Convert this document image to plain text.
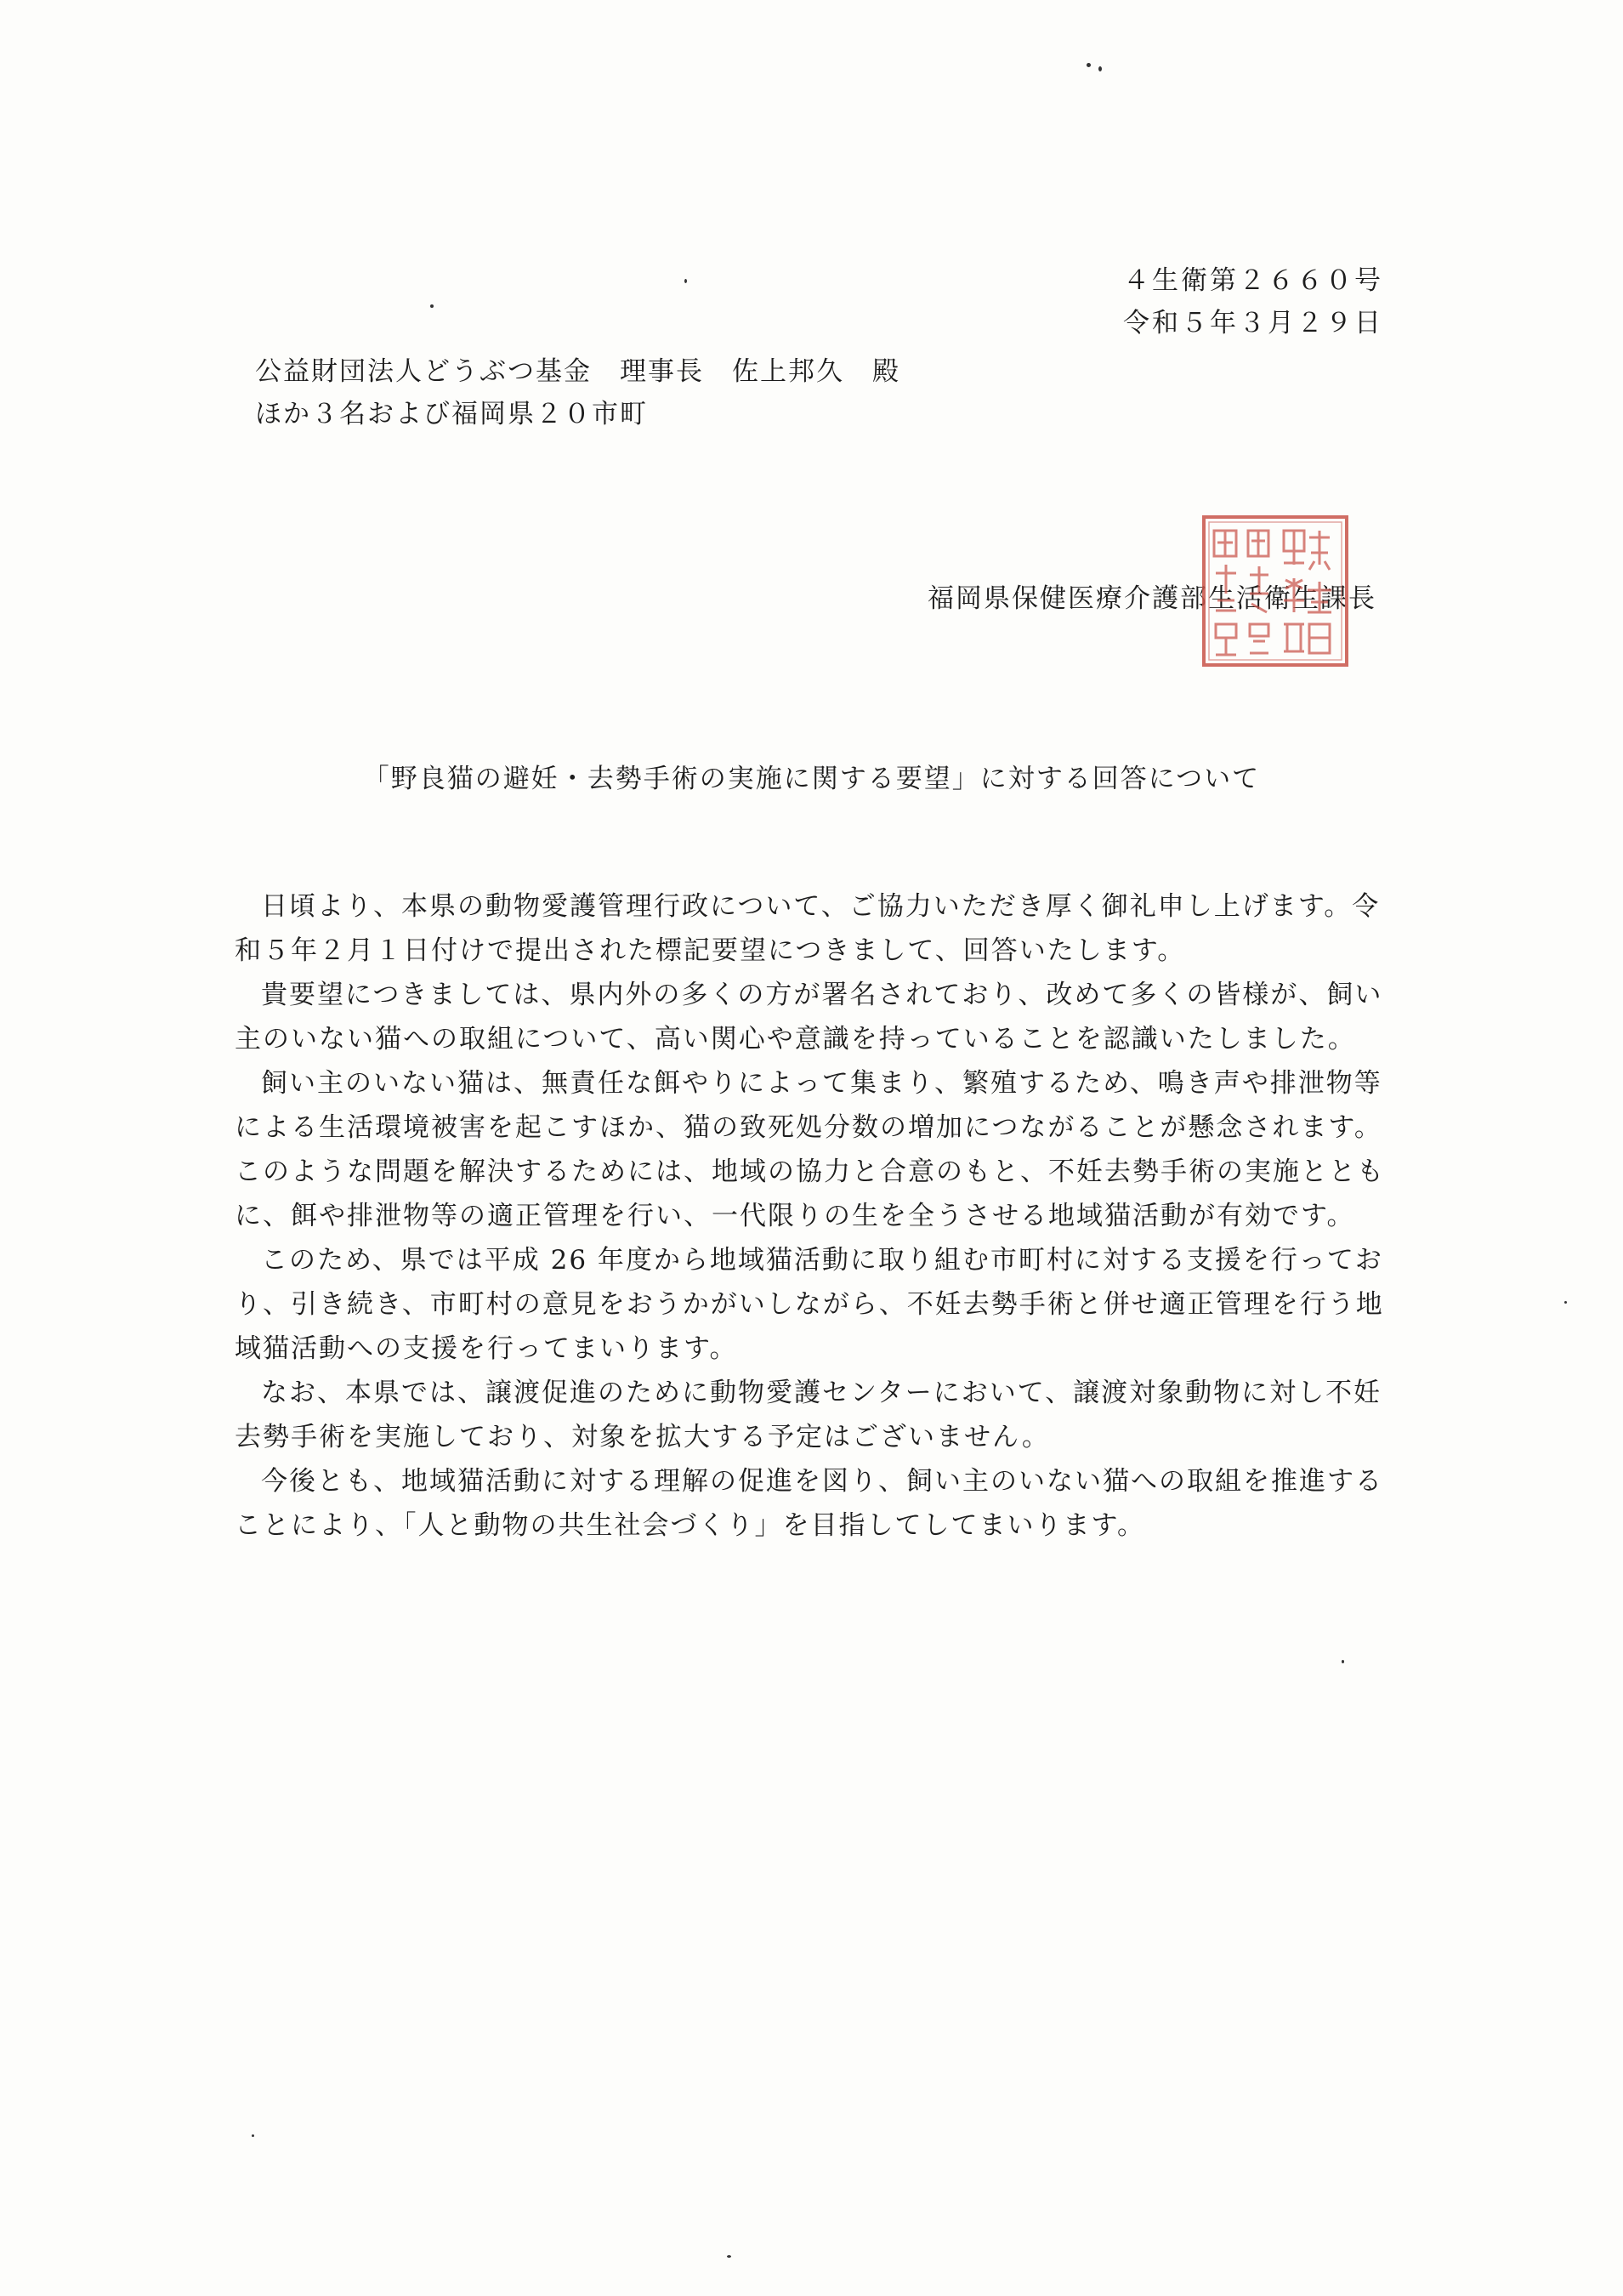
４生衛第２６６０号
令和５年３月２９日
公益財団法人どうぶつ基金　理事長　佐上邦久　殿
ほか３名および福岡県２０市町
福岡県保健医療介護部生活衛生課長
「野良猫の避妊・去勢手術の実施に関する要望」に対する回答について

日頃より、本県の動物愛護管理行政について、ご協力いただき厚く御礼申し上げます。令和５年２月１日付けで提出された標記要望につきまして、回答いたします。

貴要望につきましては、県内外の多くの方が署名されており、改めて多くの皆様が、飼い主のいない猫への取組について、高い関心や意識を持っていることを認識いたしました。

飼い主のいない猫は、無責任な餌やりによって集まり、繁殖するため、鳴き声や排泄物等による生活環境被害を起こすほか、猫の致死処分数の増加につながることが懸念されます。このような問題を解決するためには、地域の協力と合意のもと、不妊去勢手術の実施とともに、餌や排泄物等の適正管理を行い、一代限りの生を全うさせる地域猫活動が有効です。

このため、県では平成 26 年度から地域猫活動に取り組む市町村に対する支援を行っており、引き続き、市町村の意見をおうかがいしながら、不妊去勢手術と併せ適正管理を行う地域猫活動への支援を行ってまいります。

なお、本県では、譲渡促進のために動物愛護センターにおいて、譲渡対象動物に対し不妊去勢手術を実施しており、対象を拡大する予定はございません。

今後とも、地域猫活動に対する理解の促進を図り、飼い主のいない猫への取組を推進することにより、「人と動物の共生社会づくり」を目指してしてまいります。
